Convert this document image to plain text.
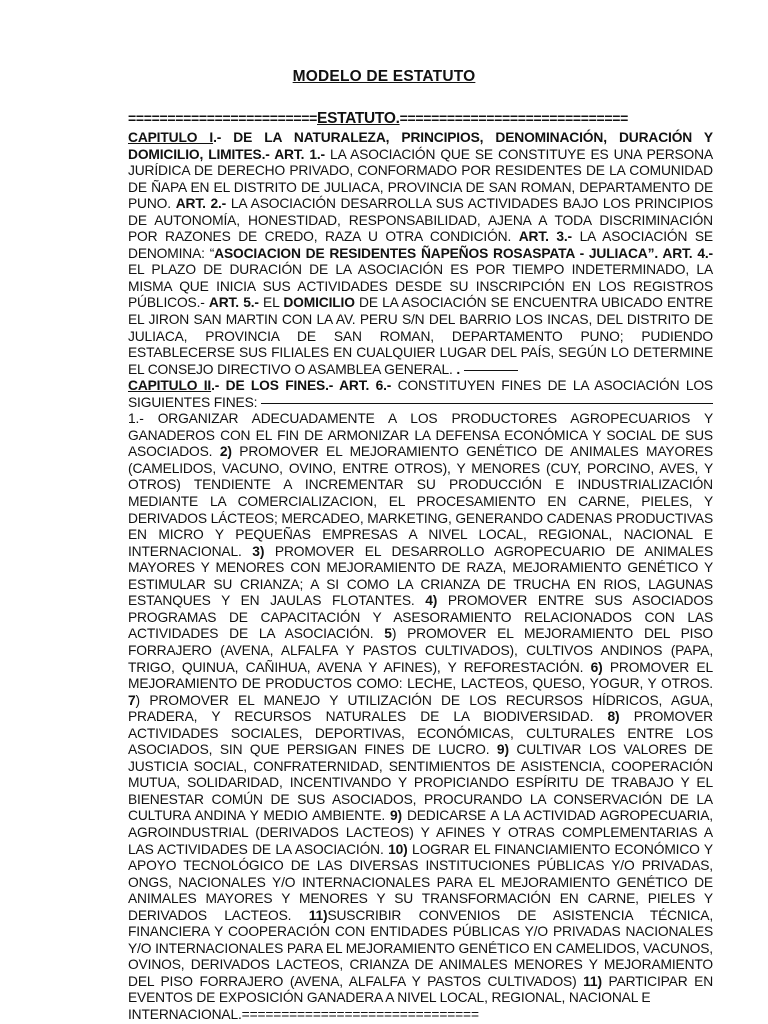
MODELO DE ESTATUTO
========================ESTATUTO.=============================

CAPITULO I.- DE LA NATURALEZA, PRINCIPIOS, DENOMINACIÓN, DURACIÓN Y DOMICILIO, LIMITES.- ART. 1.- LA ASOCIACIÓN QUE SE CONSTITUYE ES UNA PERSONA JURÍDICA DE DERECHO PRIVADO, CONFORMADO POR RESIDENTES DE LA COMUNIDAD DE ÑAPA EN EL DISTRITO DE JULIACA, PROVINCIA DE SAN ROMAN, DEPARTAMENTO DE PUNO. ART. 2.- LA ASOCIACIÓN DESARROLLA SUS ACTIVIDADES BAJO LOS PRINCIPIOS DE AUTONOMÍA, HONESTIDAD, RESPONSABILIDAD, AJENA A TODA DISCRIMINACIÓN POR RAZONES DE CREDO, RAZA U OTRA CONDICIÓN. ART. 3.- LA ASOCIACIÓN SE DENOMINA: “ASOCIACION DE RESIDENTES ÑAPEÑOS ROSASPATA - JULIACA”. ART. 4.- EL PLAZO DE DURACIÓN DE LA ASOCIACIÓN ES POR TIEMPO INDETERMINADO, LA MISMA QUE INICIA SUS ACTIVIDADES DESDE SU INSCRIPCIÓN EN LOS REGISTROS PÚBLICOS.- ART. 5.- EL DOMICILIO DE LA ASOCIACIÓN SE ENCUENTRA UBICADO ENTRE EL JIRON SAN MARTIN CON LA AV. PERU S/N DEL BARRIO LOS INCAS, DEL DISTRITO DE JULIACA, PROVINCIA DE SAN ROMAN, DEPARTAMENTO PUNO; PUDIENDO ESTABLECERSE SUS FILIALES EN CUALQUIER LUGAR DEL PAÍS, SEGÚN LO DETERMINE EL CONSEJO DIRECTIVO O ASAMBLEA GENERAL. .

CAPITULO II.- DE LOS FINES.- ART. 6.- CONSTITUYEN FINES DE LA ASOCIACIÓN LOS SIGUIENTES FINES:

1.- ORGANIZAR ADECUADAMENTE A LOS PRODUCTORES AGROPECUARIOS Y GANADEROS CON EL FIN DE ARMONIZAR LA DEFENSA ECONÓMICA Y SOCIAL DE SUS ASOCIADOS. 2) PROMOVER EL MEJORAMIENTO GENÉTICO DE ANIMALES MAYORES (CAMELIDOS, VACUNO, OVINO, ENTRE OTROS), Y MENORES (CUY, PORCINO, AVES, Y OTROS) TENDIENTE A INCREMENTAR SU PRODUCCIÓN E INDUSTRIALIZACIÓN MEDIANTE LA COMERCIALIZACION, EL PROCESAMIENTO EN CARNE, PIELES, Y DERIVADOS LÁCTEOS; MERCADEO, MARKETING, GENERANDO CADENAS PRODUCTIVAS EN MICRO Y PEQUEÑAS EMPRESAS A NIVEL LOCAL, REGIONAL, NACIONAL E INTERNACIONAL. 3) PROMOVER EL DESARROLLO AGROPECUARIO DE ANIMALES MAYORES Y MENORES CON MEJORAMIENTO DE RAZA, MEJORAMIENTO GENÉTICO Y ESTIMULAR SU CRIANZA; A SI COMO LA CRIANZA DE TRUCHA EN RIOS, LAGUNAS ESTANQUES Y EN JAULAS FLOTANTES. 4) PROMOVER ENTRE SUS ASOCIADOS PROGRAMAS DE CAPACITACIÓN Y ASESORAMIENTO RELACIONADOS CON LAS ACTIVIDADES DE LA ASOCIACIÓN. 5) PROMOVER EL MEJORAMIENTO DEL PISO FORRAJERO (AVENA, ALFALFA Y PASTOS CULTIVADOS), CULTIVOS ANDINOS (PAPA, TRIGO, QUINUA, CAÑIHUA, AVENA Y AFINES), Y REFORESTACIÓN. 6) PROMOVER EL MEJORAMIENTO DE PRODUCTOS COMO: LECHE, LACTEOS, QUESO, YOGUR, Y OTROS. 7) PROMOVER EL MANEJO Y UTILIZACIÓN DE LOS RECURSOS HÍDRICOS, AGUA, PRADERA, Y RECURSOS NATURALES DE LA BIODIVERSIDAD. 8) PROMOVER ACTIVIDADES SOCIALES, DEPORTIVAS, ECONÓMICAS, CULTURALES ENTRE LOS ASOCIADOS, SIN QUE PERSIGAN FINES DE LUCRO. 9) CULTIVAR LOS VALORES DE JUSTICIA SOCIAL, CONFRATERNIDAD, SENTIMIENTOS DE ASISTENCIA, COOPERACIÓN MUTUA, SOLIDARIDAD, INCENTIVANDO Y PROPICIANDO ESPÍRITU DE TRABAJO Y EL BIENESTAR COMÚN DE SUS ASOCIADOS, PROCURANDO LA CONSERVACIÓN DE LA CULTURA ANDINA Y MEDIO AMBIENTE. 9) DEDICARSE A LA ACTIVIDAD AGROPECUARIA, AGROINDUSTRIAL (DERIVADOS LACTEOS) Y AFINES Y OTRAS COMPLEMENTARIAS A LAS ACTIVIDADES DE LA ASOCIACIÓN. 10) LOGRAR EL FINANCIAMIENTO ECONÓMICO Y APOYO TECNOLÓGICO DE LAS DIVERSAS INSTITUCIONES PÚBLICAS Y/O PRIVADAS, ONGS, NACIONALES Y/O INTERNACIONALES PARA EL MEJORAMIENTO GENÉTICO DE ANIMALES MAYORES Y MENORES Y SU TRANSFORMACIÓN EN CARNE, PIELES Y DERIVADOS LACTEOS. 11)SUSCRIBIR CONVENIOS DE ASISTENCIA TÉCNICA, FINANCIERA Y COOPERACIÓN CON ENTIDADES PÚBLICAS Y/O PRIVADAS NACIONALES Y/O INTERNACIONALES PARA EL MEJORAMIENTO GENÉTICO EN CAMELIDOS, VACUNOS, OVINOS, DERIVADOS LACTEOS, CRIANZA DE ANIMALES MENORES Y MEJORAMIENTO DEL PISO FORRAJERO (AVENA, ALFALFA Y PASTOS CULTIVADOS) 11) PARTICIPAR EN EVENTOS DE EXPOSICIÓN GANADERA A NIVEL LOCAL, REGIONAL, NACIONAL E

INTERNACIONAL.==============================
